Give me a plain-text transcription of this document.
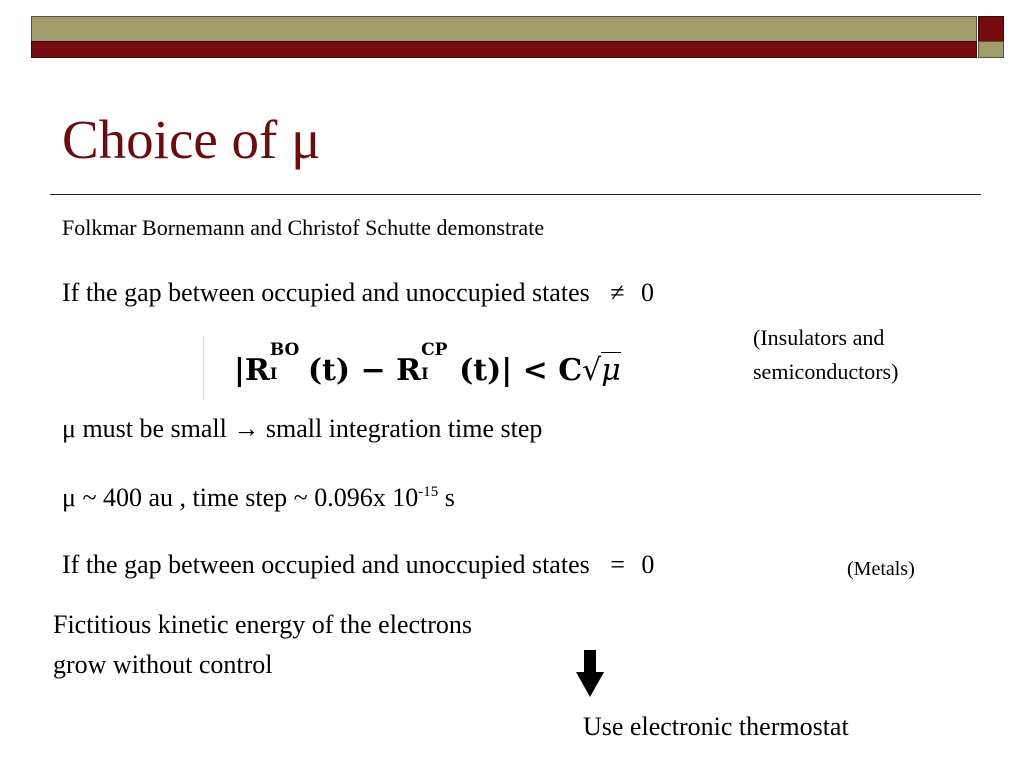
Choice of μ
Folkmar Bornemann and Christof Schutte demonstrate
If the gap between occupied and unoccupied states ≠ 0
(Insulators and
semiconductors)
|R
BO
I (t) − R
CP
I (t)| < C√μ
μ must be small → small integration time step
μ ~ 400 au , time step ~ 0.096x $10^{-15}$ s
If the gap between occupied and unoccupied states = 0	(Metals)
Fictitious kinetic energy of the electrons
grow without control
Use electronic thermostat
